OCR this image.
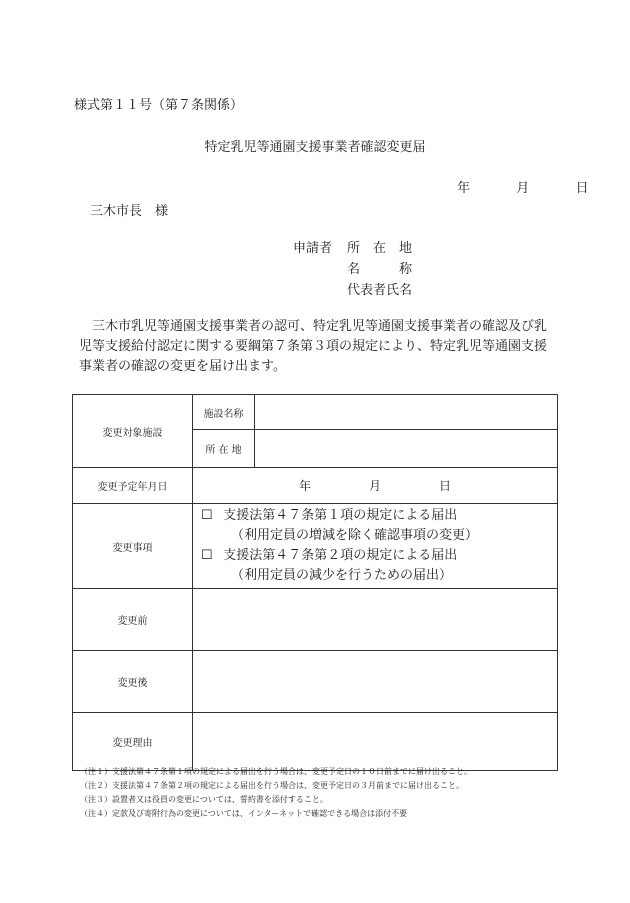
様式第１１号（第７条関係）
特定乳児等通園支援事業者確認変更届
年	月	日
三木市長　様
申請者 所　在　地
名　　　称
代表者氏名
三木市乳児等通園支援事業者の認可、特定乳児等通園支援事業者の確認及び乳児等支援給付認定に関する要綱第７条第３項の規定により、特定乳児等通園支援事業者の確認の変更を届け出ます。
変更対象施設	施設名称	
	所 在 地	
変更予定年月日	年 月 日	
変更事項	☐ 支援法第４７条第１項の規定による届出
（利用定員の増減を除く確認事項の変更）
☐ 支援法第４７条第２項の規定による届出
（利用定員の減少を行うための届出）	

変更前		
変更後		
変更理由		
（注１）支援法第４７条第１項の規定による届出を行う場合は、変更予定日の１０日前までに届け出ること。
（注２）支援法第４７条第２項の規定による届出を行う場合は、変更予定日の３月前までに届け出ること。
（注３）設置者又は役員の変更については、誓約書を添付すること。
（注４）定款及び寄附行為の変更については、インターネットで確認できる場合は添付不要
